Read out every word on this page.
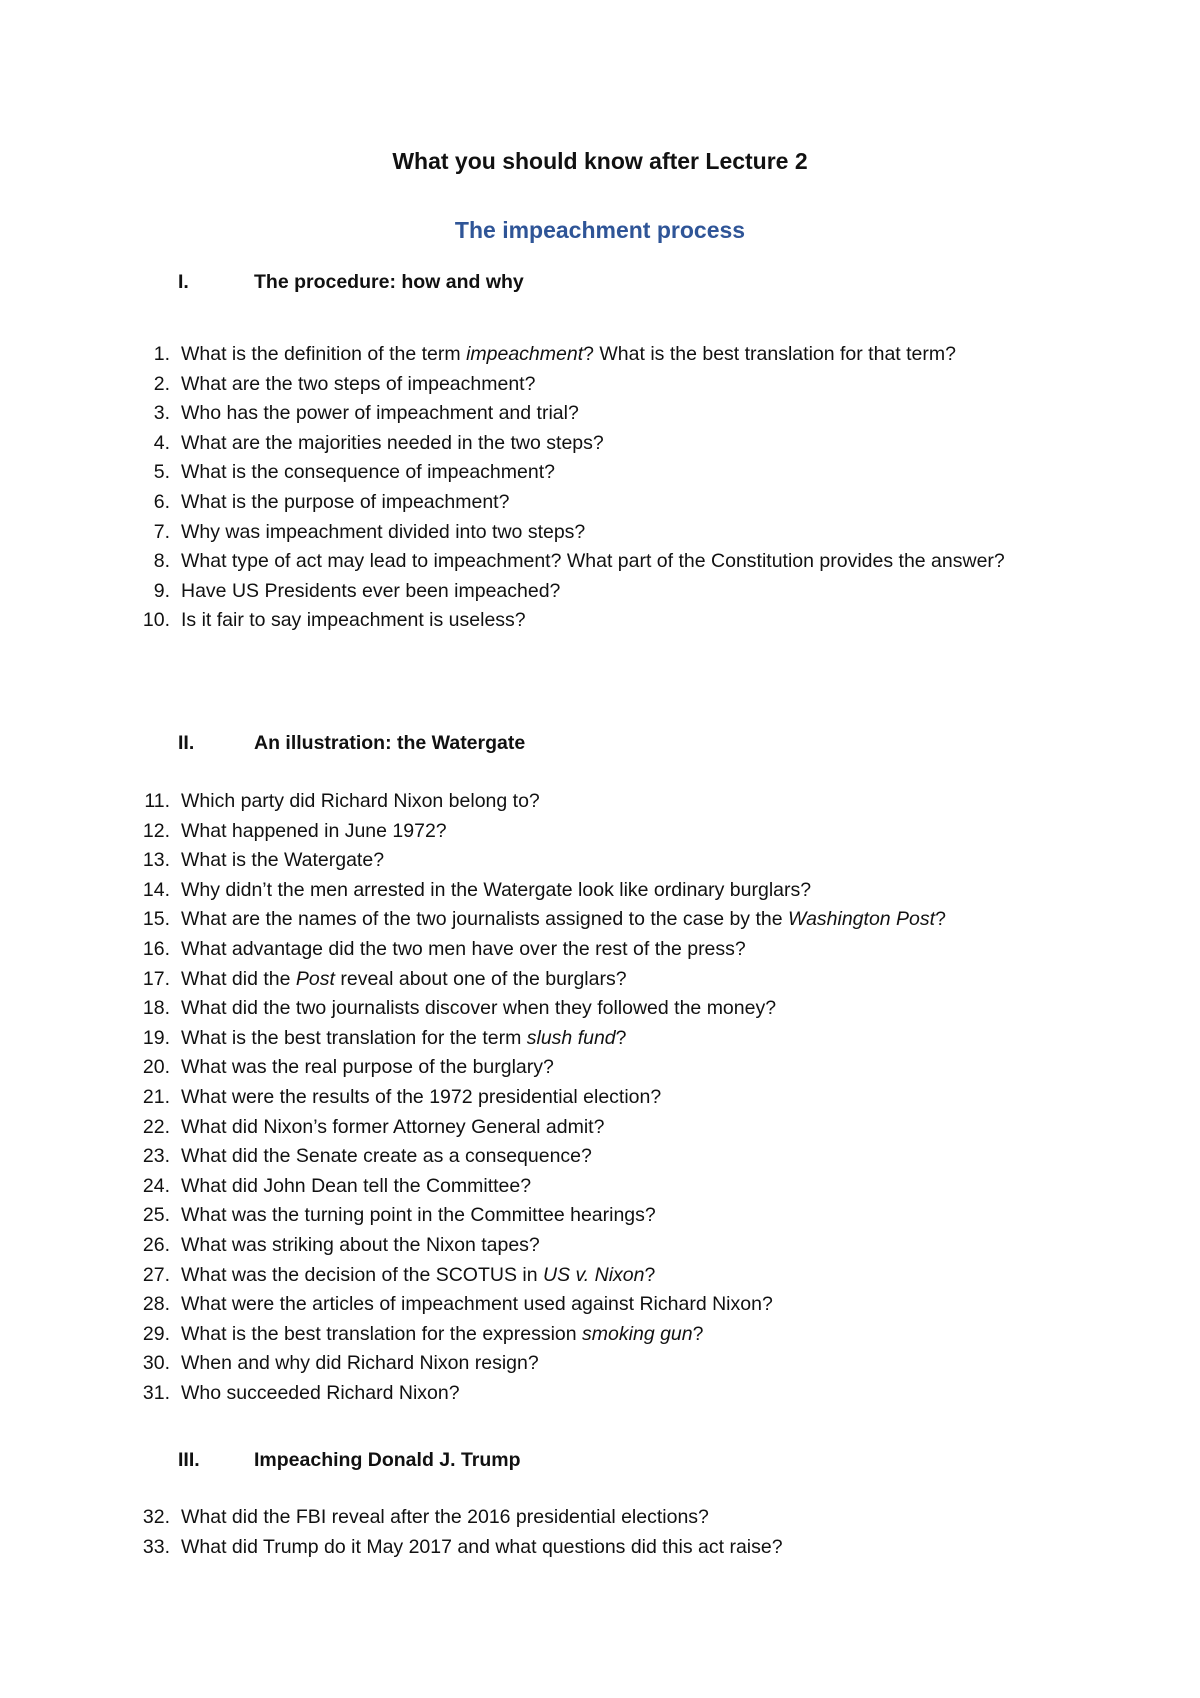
What you should know after Lecture 2
The impeachment process
I.	The procedure: how and why
1. What is the definition of the term impeachment? What is the best translation for that term?
2. What are the two steps of impeachment?
3. Who has the power of impeachment and trial?
4. What are the majorities needed in the two steps?
5. What is the consequence of impeachment?
6. What is the purpose of impeachment?
7. Why was impeachment divided into two steps?
8. What type of act may lead to impeachment? What part of the Constitution provides the answer?
9. Have US Presidents ever been impeached?
10. Is it fair to say impeachment is useless?
II.	An illustration: the Watergate
11. Which party did Richard Nixon belong to?
12. What happened in June 1972?
13. What is the Watergate?
14. Why didn’t the men arrested in the Watergate look like ordinary burglars?
15. What are the names of the two journalists assigned to the case by the Washington Post?
16. What advantage did the two men have over the rest of the press?
17. What did the Post reveal about one of the burglars?
18. What did the two journalists discover when they followed the money?
19. What is the best translation for the term slush fund?
20. What was the real purpose of the burglary?
21. What were the results of the 1972 presidential election?
22. What did Nixon’s former Attorney General admit?
23. What did the Senate create as a consequence?
24. What did John Dean tell the Committee?
25. What was the turning point in the Committee hearings?
26. What was striking about the Nixon tapes?
27. What was the decision of the SCOTUS in US v. Nixon?
28. What were the articles of impeachment used against Richard Nixon?
29. What is the best translation for the expression smoking gun?
30. When and why did Richard Nixon resign?
31. Who succeeded Richard Nixon?
III.	Impeaching Donald J. Trump
32. What did the FBI reveal after the 2016 presidential elections?
33. What did Trump do it May 2017 and what questions did this act raise?
